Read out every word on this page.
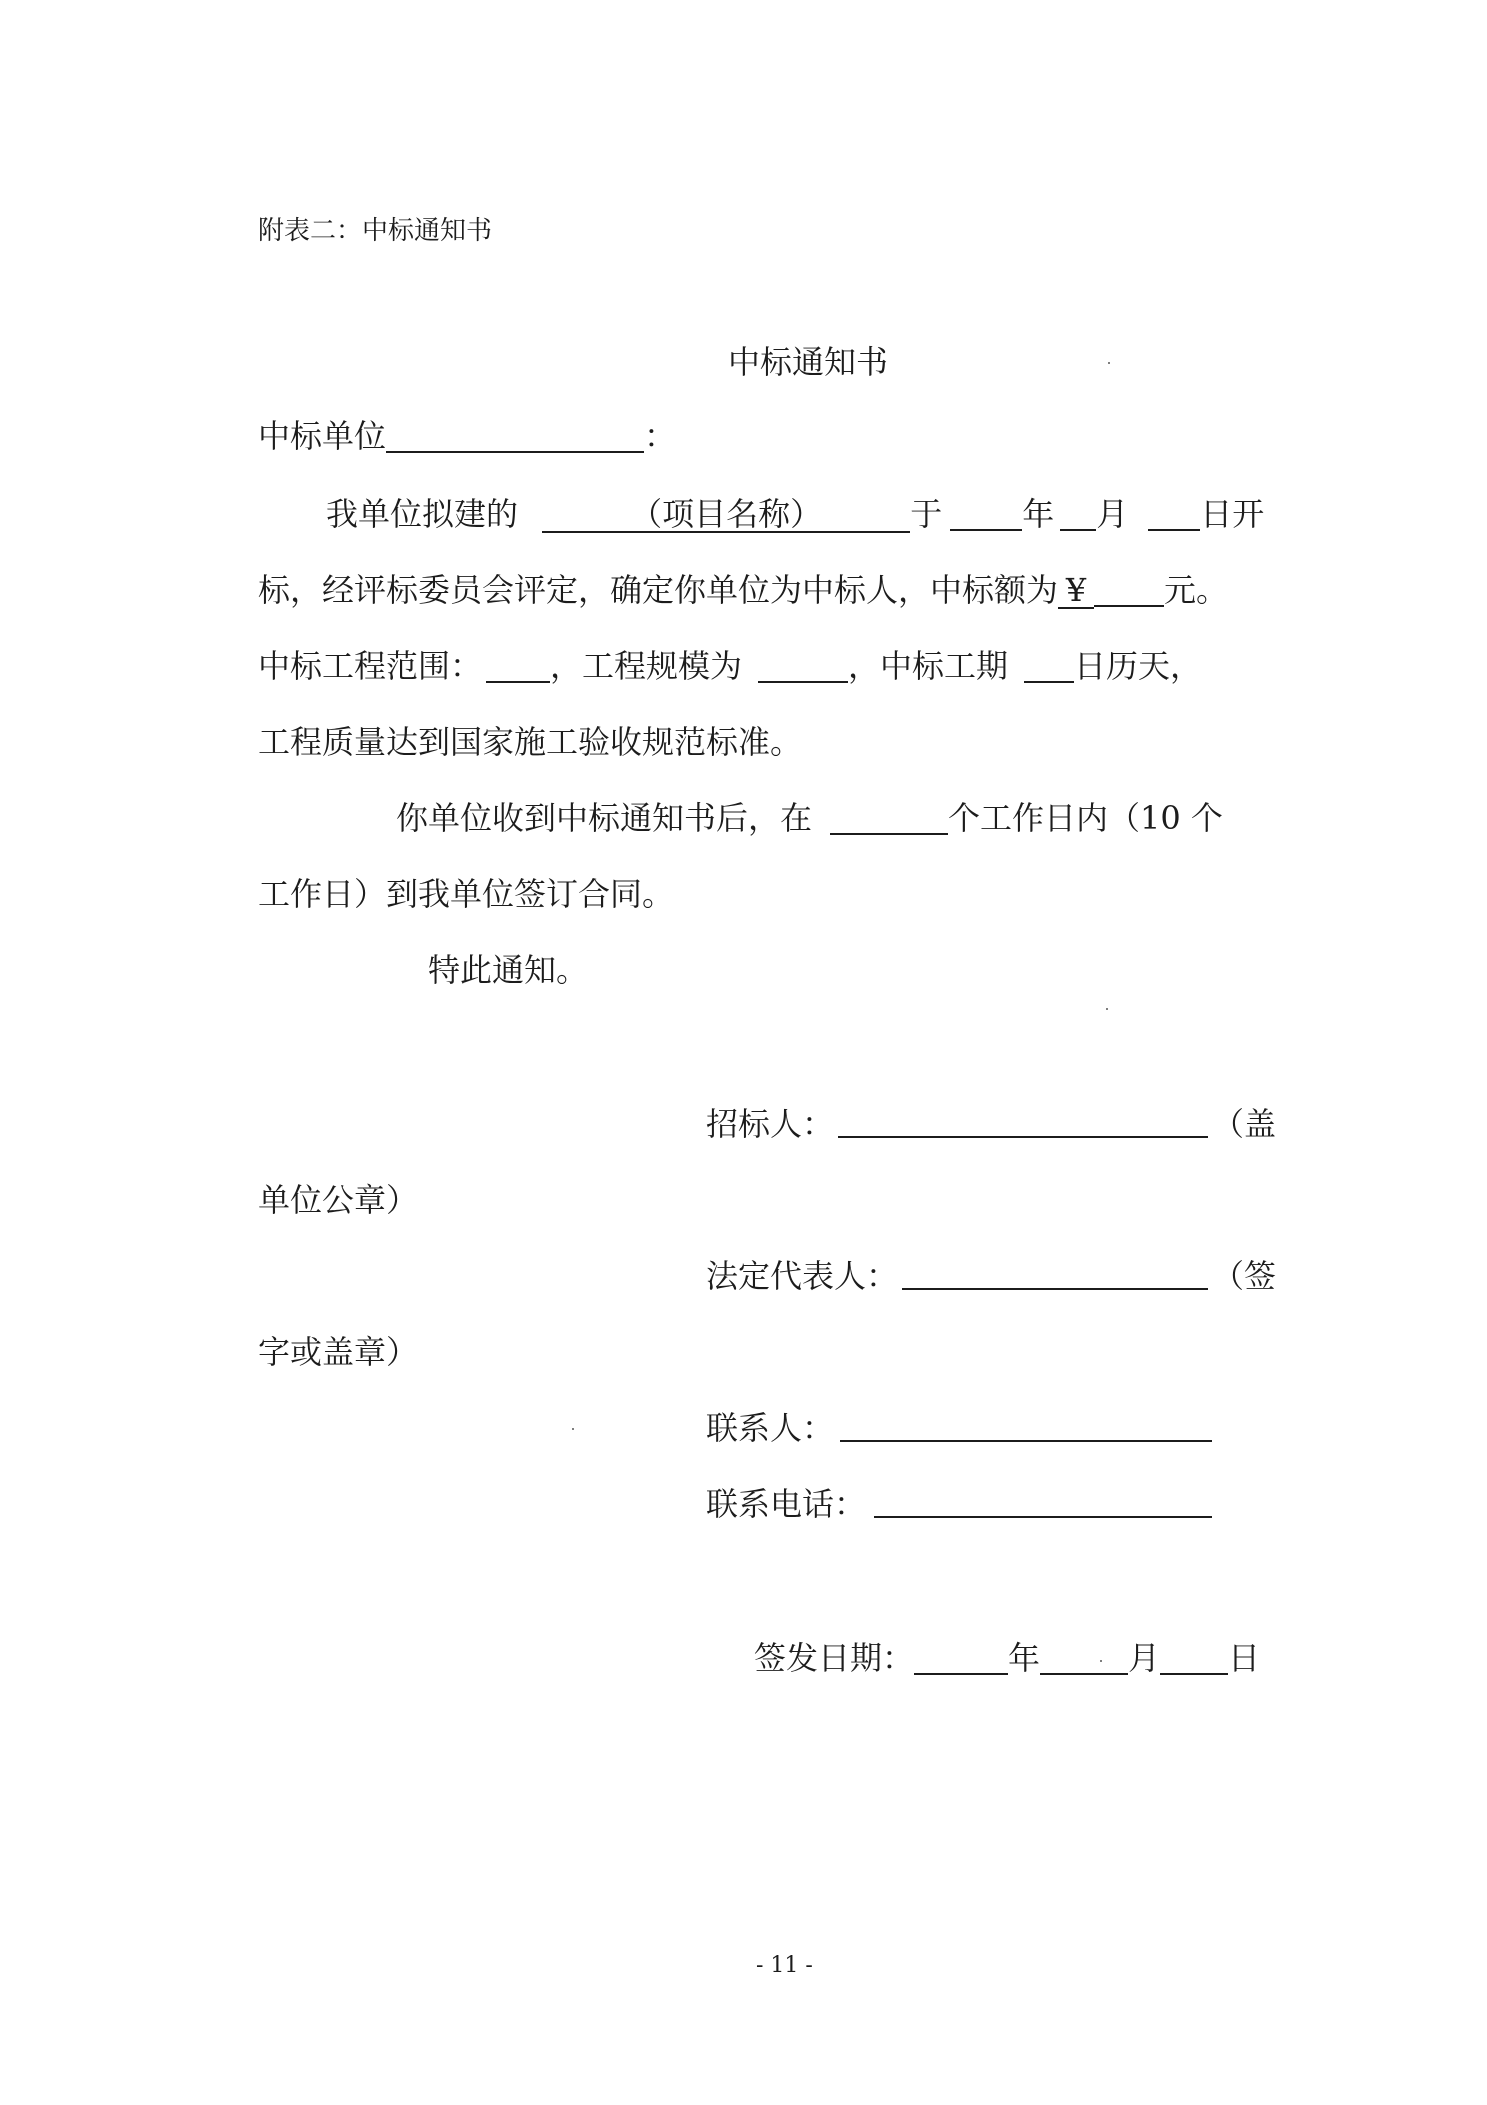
附表二：中标通知书
中标通知书
中标单位	：
我单位拟建的	（项目名称）	于	年 月 日开
标，经评标委员会评定，确定你单位为中标人，中标额为 ¥ 元。
中标工程范围： ，工程规模为	，中标工期 日历天，
工程质量达到国家施工验收规范标准。
你单位收到中标通知书后，在	个工作日内（10 个
工作日）到我单位签订合同。
特此通知。
招标人：	（盖
单位公章）
法定代表人：	（签
字或盖章）
联系人：
联系电话：
签发日期：	年	月 日
- 11 -
